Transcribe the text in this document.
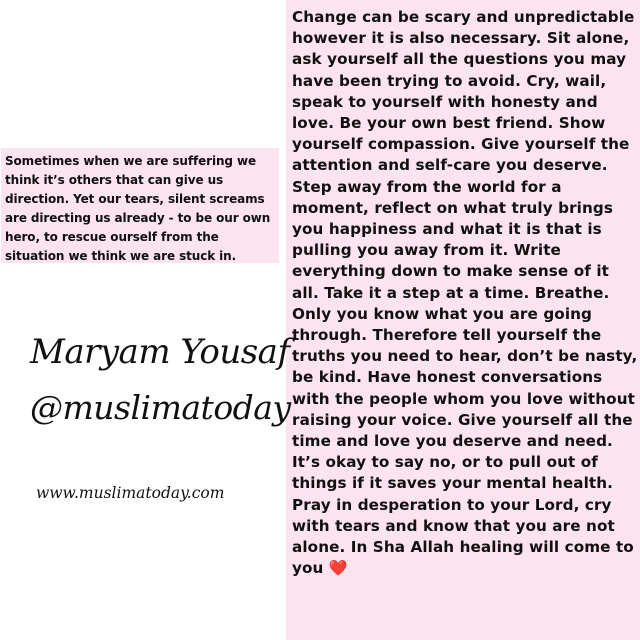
Sometimes when we are suffering we think it’s others that can give us direction. Yet our tears, silent screams are directing us already - to be our own hero, to rescue ourself from the situation we think we are stuck in.
Change can be scary and unpredictable however it is also necessary. Sit alone, ask yourself all the questions you may have been trying to avoid. Cry, wail, speak to yourself with honesty and love. Be your own best friend. Show yourself compassion. Give yourself the attention and self-care you deserve. Step away from the world for a moment, reflect on what truly brings you happiness and what it is that is pulling you away from it. Write everything down to make sense of it all. Take it a step at a time. Breathe. Only you know what you are going through. Therefore tell yourself the truths you need to hear, don’t be nasty, be kind. Have honest conversations with the people whom you love without raising your voice. Give yourself all the time and love you deserve and need. It’s okay to say no, or to pull out of things if it saves your mental health. Pray in desperation to your Lord, cry with tears and know that you are not alone. In Sha Allah healing will come to you ❤️
Maryam Yousaf
@muslimatoday
www.muslimatoday.com
